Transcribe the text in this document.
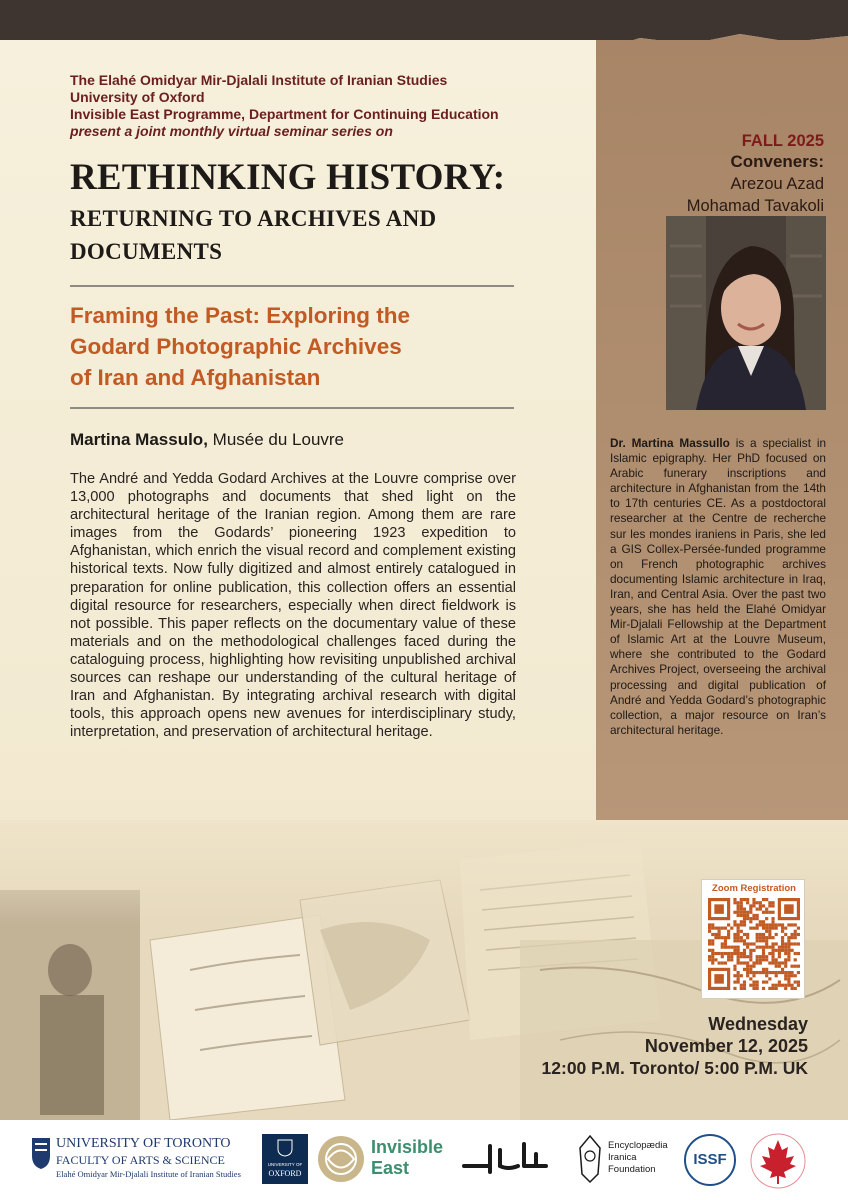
The Elahé Omidyar Mir-Djalali Institute of Iranian Studies
University of Oxford
Invisible East Programme, Department for Continuing Education
present a joint monthly virtual seminar series on
RETHINKING HISTORY:
RETURNING TO ARCHIVES AND
DOCUMENTS
Framing the Past: Exploring the
Godard Photographic Archives
of Iran and Afghanistan
Martina Massulo, Musée du Louvre
The André and Yedda Godard Archives at the Louvre comprise over 13,000 photographs and documents that shed light on the architectural heritage of the Iranian region. Among them are rare images from the Godards’ pioneering 1923 expedition to Afghanistan, which enrich the visual record and complement existing historical texts. Now fully digitized and almost entirely catalogued in preparation for online publication, this collection offers an essential digital resource for researchers, especially when direct fieldwork is not possible. This paper reflects on the documentary value of these materials and on the methodological challenges faced during the cataloguing process, highlighting how revisiting unpublished archival sources can reshape our understanding of the cultural heritage of Iran and Afghanistan. By integrating archival research with digital tools, this approach opens new avenues for interdisciplinary study, interpretation, and preservation of architectural heritage.
FALL 2025
Conveners:
Arezou Azad
Mohamad Tavakoli
Dr. Martina Massullo is a specialist in Islamic epigraphy. Her PhD focused on Arabic funerary inscriptions and architecture in Afghanistan from the 14th to 17th centuries CE. As a postdoctoral researcher at the Centre de recherche sur les mondes iraniens in Paris, she led a GIS Collex-Persée-funded programme on French photographic archives documenting Islamic architecture in Iraq, Iran, and Central Asia. Over the past two years, she has held the Elahé Omidyar Mir-Djalali Fellowship at the Department of Islamic Art at the Louvre Museum, where she contributed to the Godard Archives Project, overseeing the archival processing and digital publication of André and Yedda Godard’s photographic collection, a major resource on Iran’s architectural heritage.
Zoom Registration
Wednesday
November 12, 2025
12:00 P.M. Toronto/ 5:00 P.M. UK
UNIVERSITY OF TORONTO
FACULTY OF ARTS & SCIENCE
Elahé Omidyar Mir-Djalali Institute of Iranian Studies
UNIVERSITY OF
OXFORD
Invisible
East
Encyclopædia
Iranica
Foundation
ISSF
